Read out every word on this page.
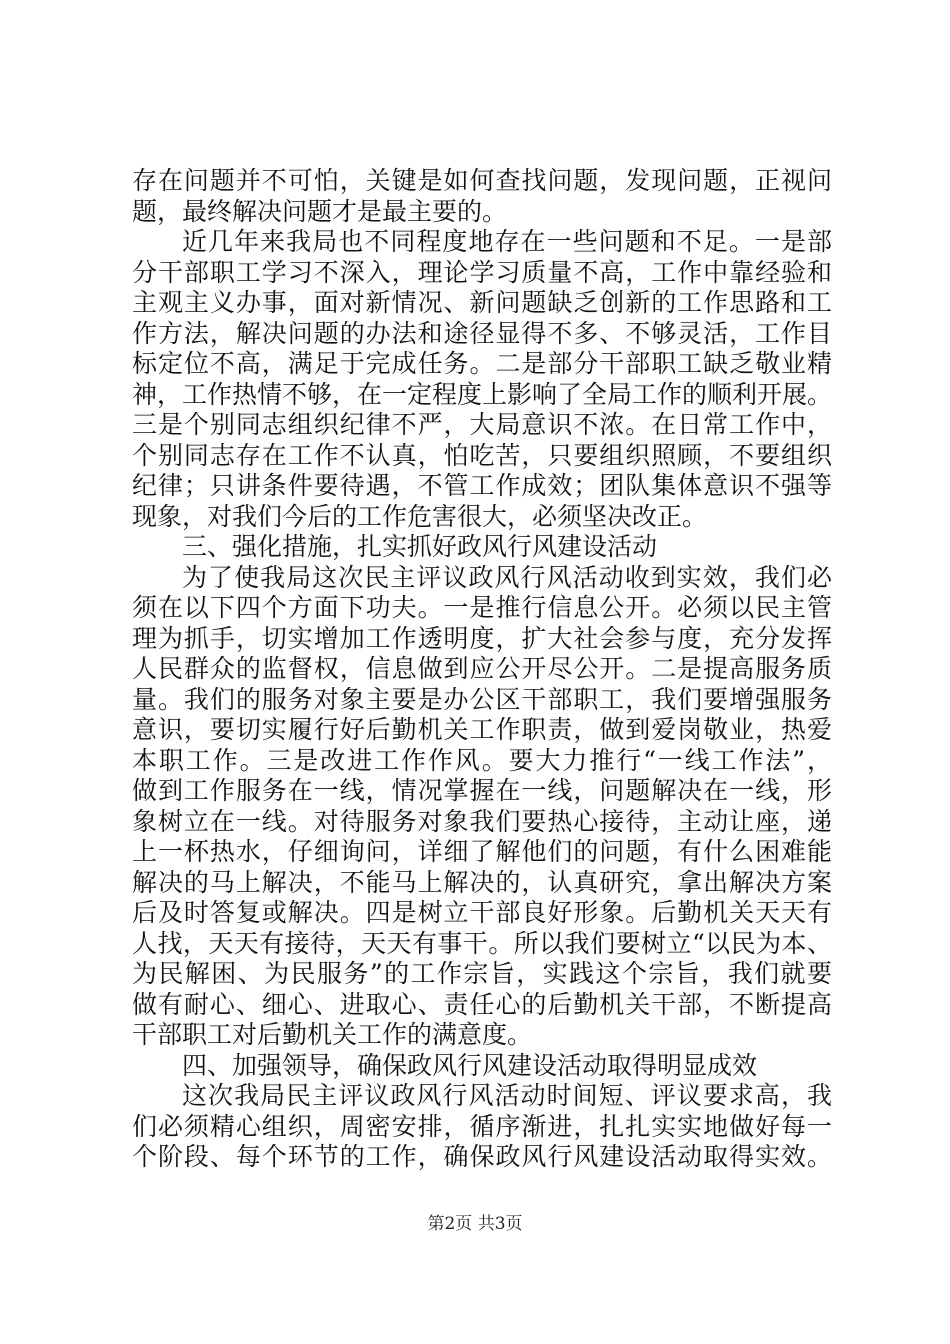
存在问题并不可怕，关键是如何查找问题，发现问题，正视问
题，最终解决问题才是最主要的。
近几年来我局也不同程度地存在一些问题和不足。一是部
分干部职工学习不深入，理论学习质量不高，工作中靠经验和
主观主义办事，面对新情况、新问题缺乏创新的工作思路和工
作方法，解决问题的办法和途径显得不多、不够灵活，工作目
标定位不高，满足于完成任务。二是部分干部职工缺乏敬业精
神，工作热情不够，在一定程度上影响了全局工作的顺利开展。
三是个别同志组织纪律不严，大局意识不浓。在日常工作中，
个别同志存在工作不认真，怕吃苦，只要组织照顾，不要组织
纪律；只讲条件要待遇，不管工作成效；团队集体意识不强等
现象，对我们今后的工作危害很大，必须坚决改正。
三、强化措施，扎实抓好政风行风建设活动
为了使我局这次民主评议政风行风活动收到实效，我们必
须在以下四个方面下功夫。一是推行信息公开。必须以民主管
理为抓手，切实增加工作透明度，扩大社会参与度，充分发挥
人民群众的监督权，信息做到应公开尽公开。二是提高服务质
量。我们的服务对象主要是办公区干部职工，我们要增强服务
意识，要切实履行好后勤机关工作职责，做到爱岗敬业，热爱
本职工作。三是改进工作作风。要大力推行“一线工作法”，
做到工作服务在一线，情况掌握在一线，问题解决在一线，形
象树立在一线。对待服务对象我们要热心接待，主动让座，递
上一杯热水，仔细询问，详细了解他们的问题，有什么困难能
解决的马上解决，不能马上解决的，认真研究，拿出解决方案
后及时答复或解决。四是树立干部良好形象。后勤机关天天有
人找，天天有接待，天天有事干。所以我们要树立“以民为本、
为民解困、为民服务”的工作宗旨，实践这个宗旨，我们就要
做有耐心、细心、进取心、责任心的后勤机关干部，不断提高
干部职工对后勤机关工作的满意度。
四、加强领导，确保政风行风建设活动取得明显成效
这次我局民主评议政风行风活动时间短、评议要求高，我
们必须精心组织，周密安排，循序渐进，扎扎实实地做好每一
个阶段、每个环节的工作，确保政风行风建设活动取得实效。
第2页 共3页
